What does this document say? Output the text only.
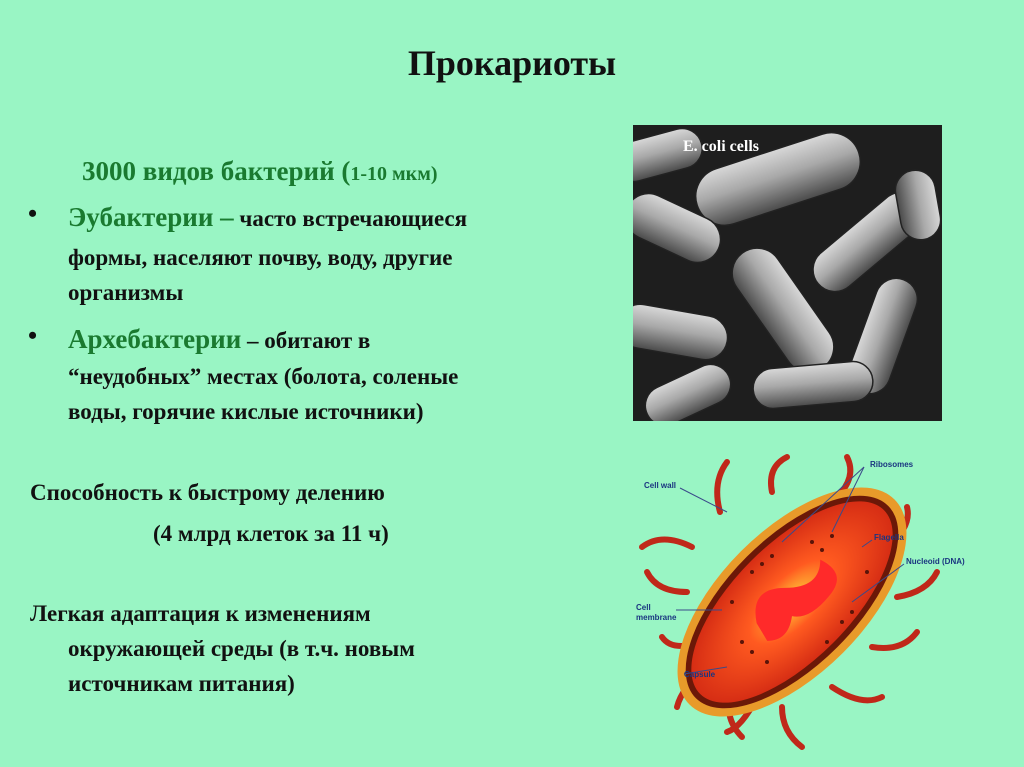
Прокариоты
3000 видов бактерий (1-10 мкм)
• Эубактерии – часто встречающиеся
формы, населяют почву, воду, другие
организмы
• Архебактерии – обитают в
“неудобных” местах (болота, соленые
воды, горячие кислые источники)
Способность к быстрому делению
(4 млрд клеток за 11 ч)
Легкая адаптация к изменениям
окружающей среды (в т.ч. новым
источникам питания)
E. coli cells
Cell wall
Ribosomes
Flagella
Nucleoid (DNA)
Cell
membrane
Capsule
